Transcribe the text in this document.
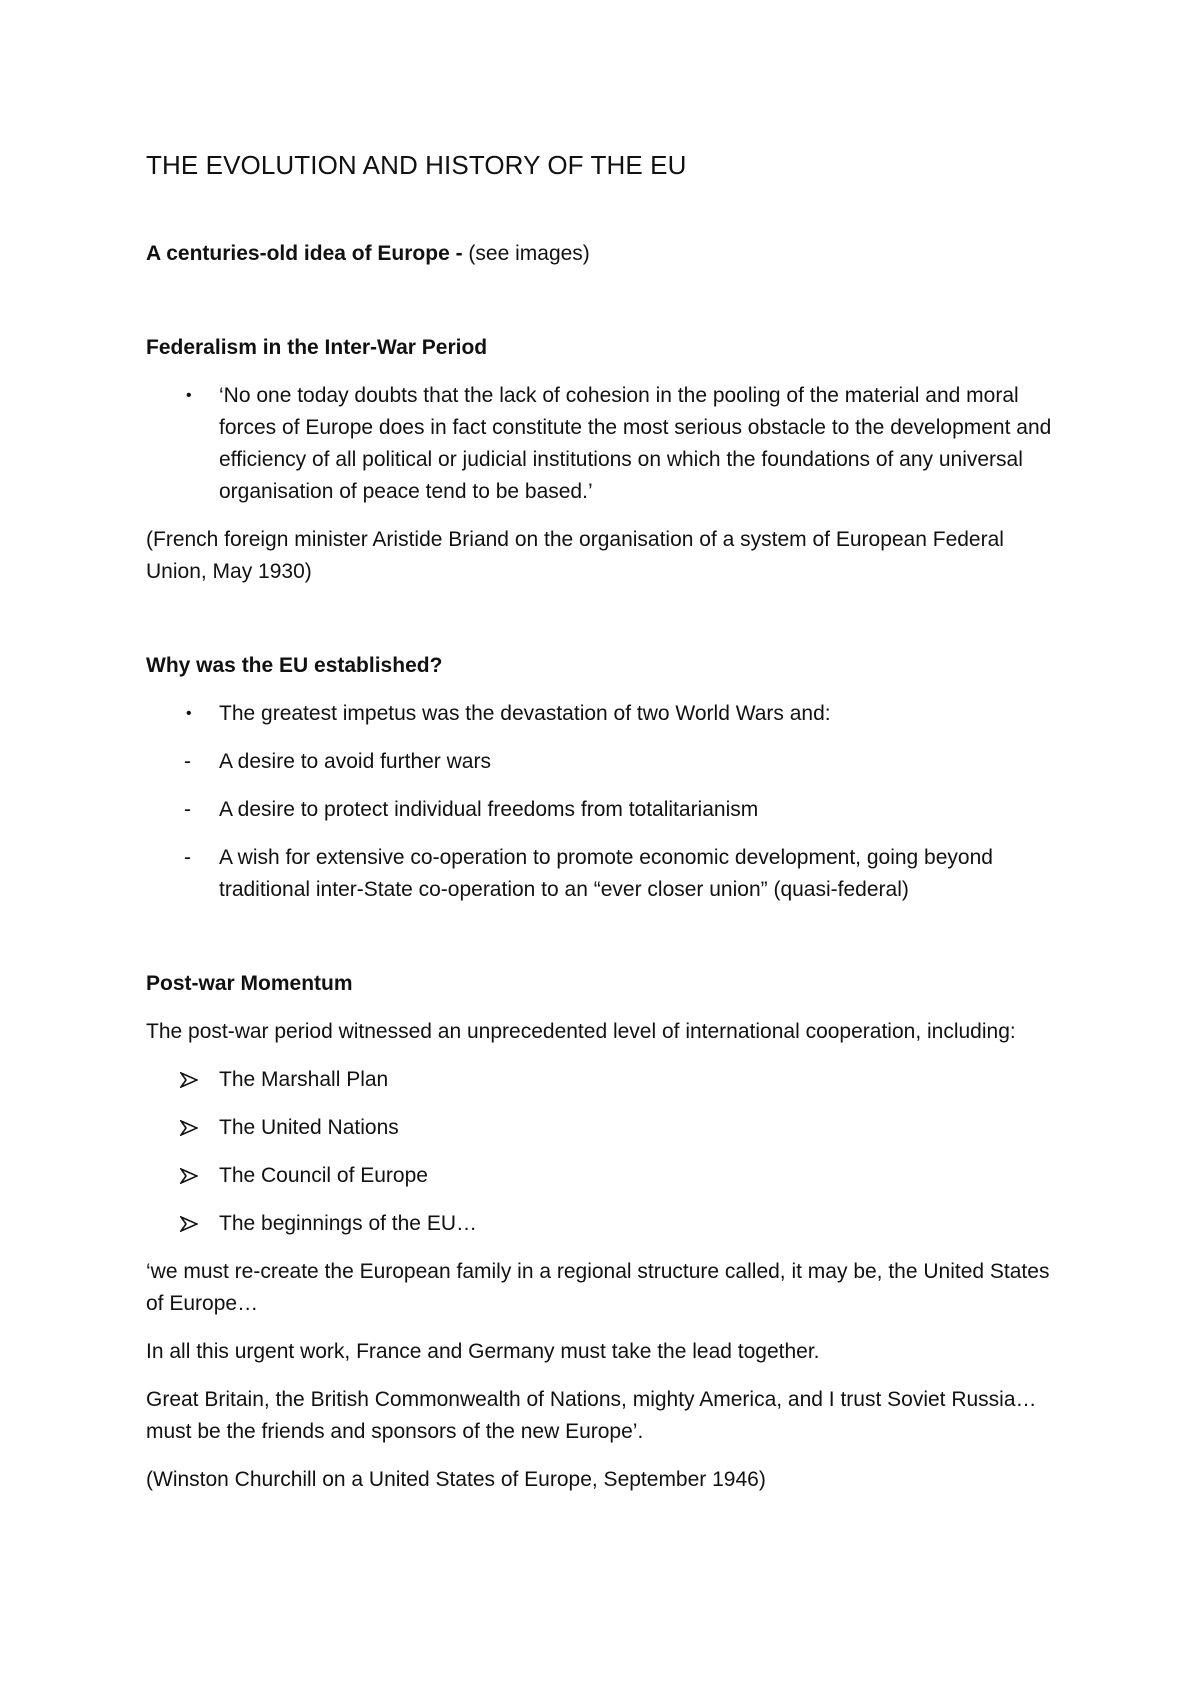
THE EVOLUTION AND HISTORY OF THE EU

A centuries-old idea of Europe - (see images)

Federalism in the Inter-War Period

•	‘No one today doubts that the lack of cohesion in the pooling of the material and moral forces of Europe does in fact constitute the most serious obstacle to the development and efficiency of all political or judicial institutions on which the foundations of any universal organisation of peace tend to be based.’

(French foreign minister Aristide Briand on the organisation of a system of European Federal Union, May 1930)

Why was the EU established?

•	The greatest impetus was the devastation of two World Wars and:
-	A desire to avoid further wars
-	A desire to protect individual freedoms from totalitarianism
-	A wish for extensive co-operation to promote economic development, going beyond traditional inter-State co-operation to an “ever closer union” (quasi-federal)

Post-war Momentum

The post-war period witnessed an unprecedented level of international cooperation, including:

The Marshall Plan
The United Nations
The Council of Europe
The beginnings of the EU…

‘we must re-create the European family in a regional structure called, it may be, the United States of Europe…

In all this urgent work, France and Germany must take the lead together.

Great Britain, the British Commonwealth of Nations, mighty America, and I trust Soviet Russia…must be the friends and sponsors of the new Europe’.

(Winston Churchill on a United States of Europe, September 1946)
